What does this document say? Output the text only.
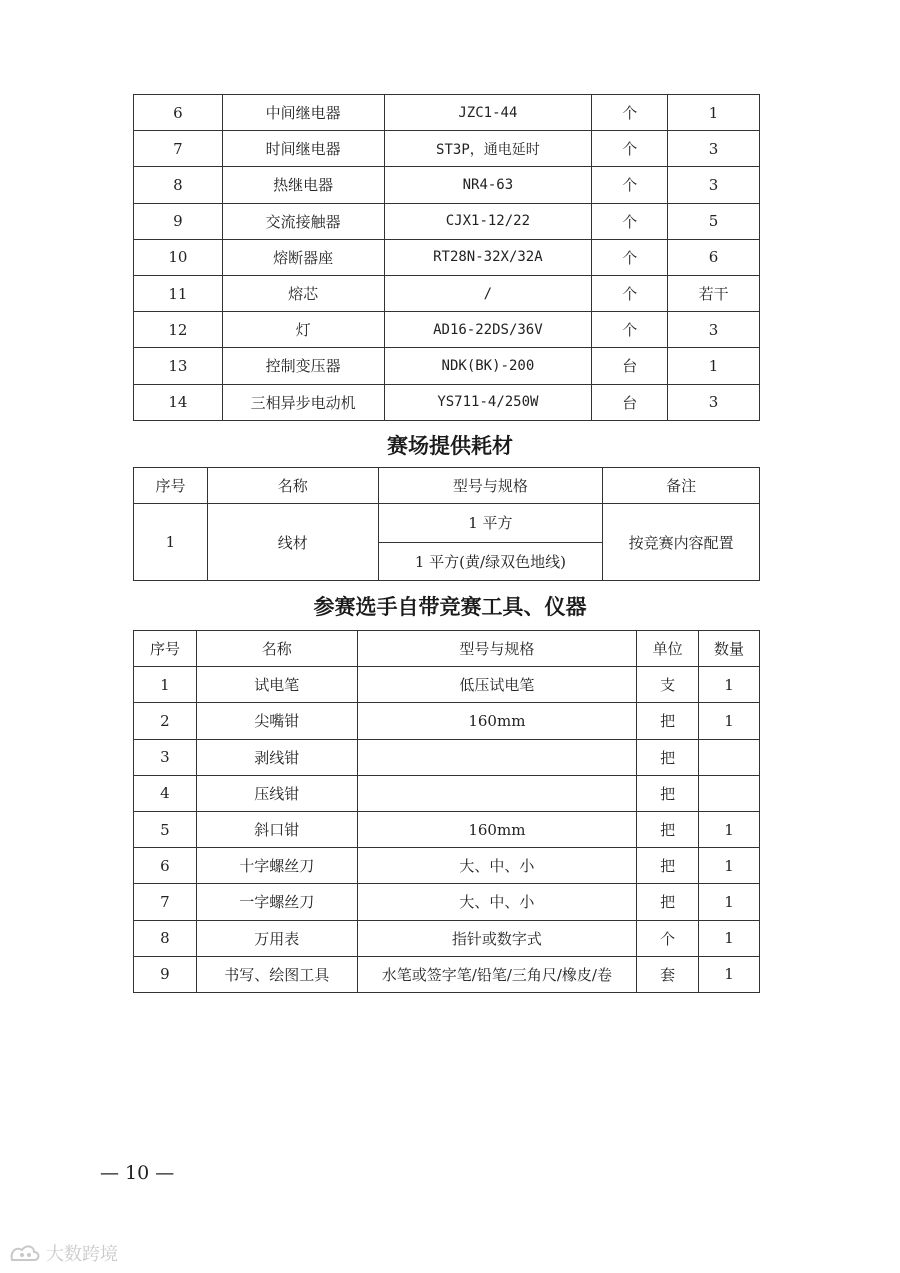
6	中间继电器	JZC1-44	个	1
7	时间继电器	ST3P，通电延时	个	3
8	热继电器	NR4-63	个	3
9	交流接触器	CJX1-12/22	个	5
10	熔断器座	RT28N-32X/32A	个	6
11	熔芯	/	个	若干
12	灯	AD16-22DS/36V	个	3
13	控制变压器	NDK(BK)-200	台	1
14	三相异步电动机	YS711-4/250W	台	3
赛场提供耗材
序号	名称	型号与规格	备注
1	线材	1 平方	按竞赛内容配置
		1 平方(黄/绿双色地线)	
参赛选手自带竞赛工具、仪器
序号	名称	型号与规格	单位	数量
1	试电笔	低压试电笔	支	1
2	尖嘴钳	160mm	把	1
3	剥线钳		把	
4	压线钳		把	
5	斜口钳	160mm	把	1
6	十字螺丝刀	大、中、小	把	1
7	一字螺丝刀	大、中、小	把	1
8	万用表	指针或数字式	个	1
9	书写、绘图工具	水笔或签字笔/铅笔/三角尺/橡皮/卷	套	1
— 10 —
大数跨境
